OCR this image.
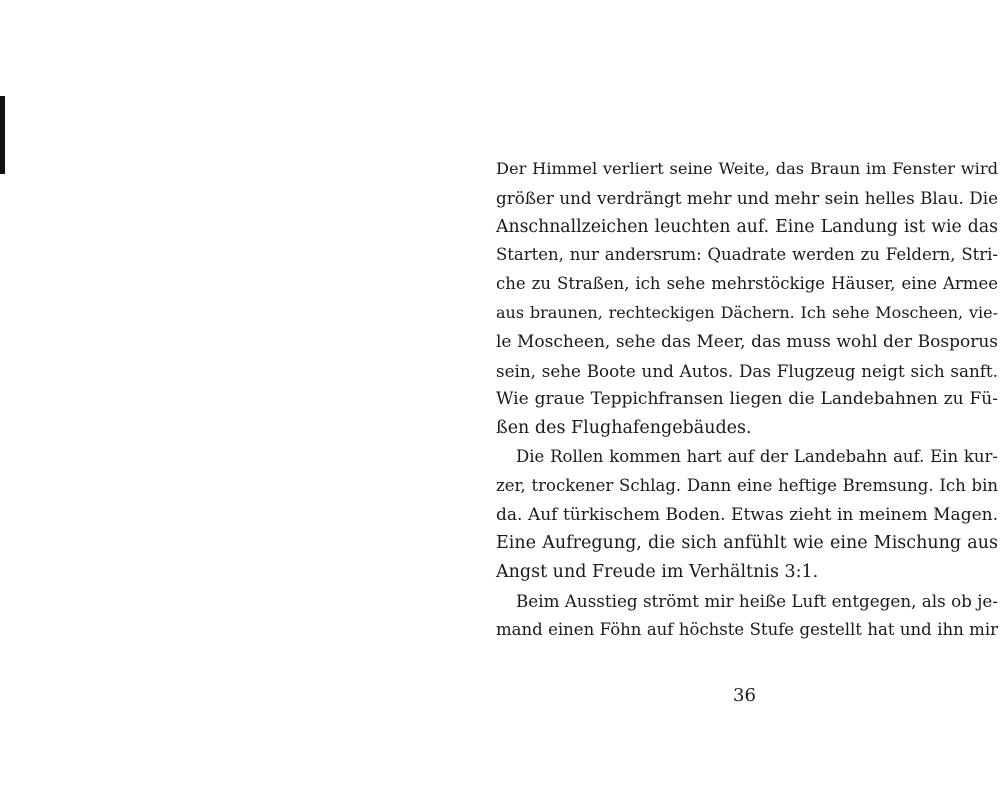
Der Himmel verliert seine Weite, das Braun im Fenster wird
größer und verdrängt mehr und mehr sein helles Blau. Die
Anschnallzeichen leuchten auf. Eine Landung ist wie das
Starten, nur andersrum: Quadrate werden zu Feldern, Stri-
che zu Straßen, ich sehe mehrstöckige Häuser, eine Armee
aus braunen, rechteckigen Dächern. Ich sehe Moscheen, vie-
le Moscheen, sehe das Meer, das muss wohl der Bosporus
sein, sehe Boote und Autos. Das Flugzeug neigt sich sanft.
Wie graue Teppichfransen liegen die Landebahnen zu Fü-
ßen des Flughafengebäudes.

Die Rollen kommen hart auf der Landebahn auf. Ein kur-
zer, trockener Schlag. Dann eine heftige Bremsung. Ich bin
da. Auf türkischem Boden. Etwas zieht in meinem Magen.
Eine Aufregung, die sich anfühlt wie eine Mischung aus
Angst und Freude im Verhältnis 3:1.

Beim Ausstieg strömt mir heiße Luft entgegen, als ob je-
mand einen Föhn auf höchste Stufe gestellt hat und ihn mir

36
